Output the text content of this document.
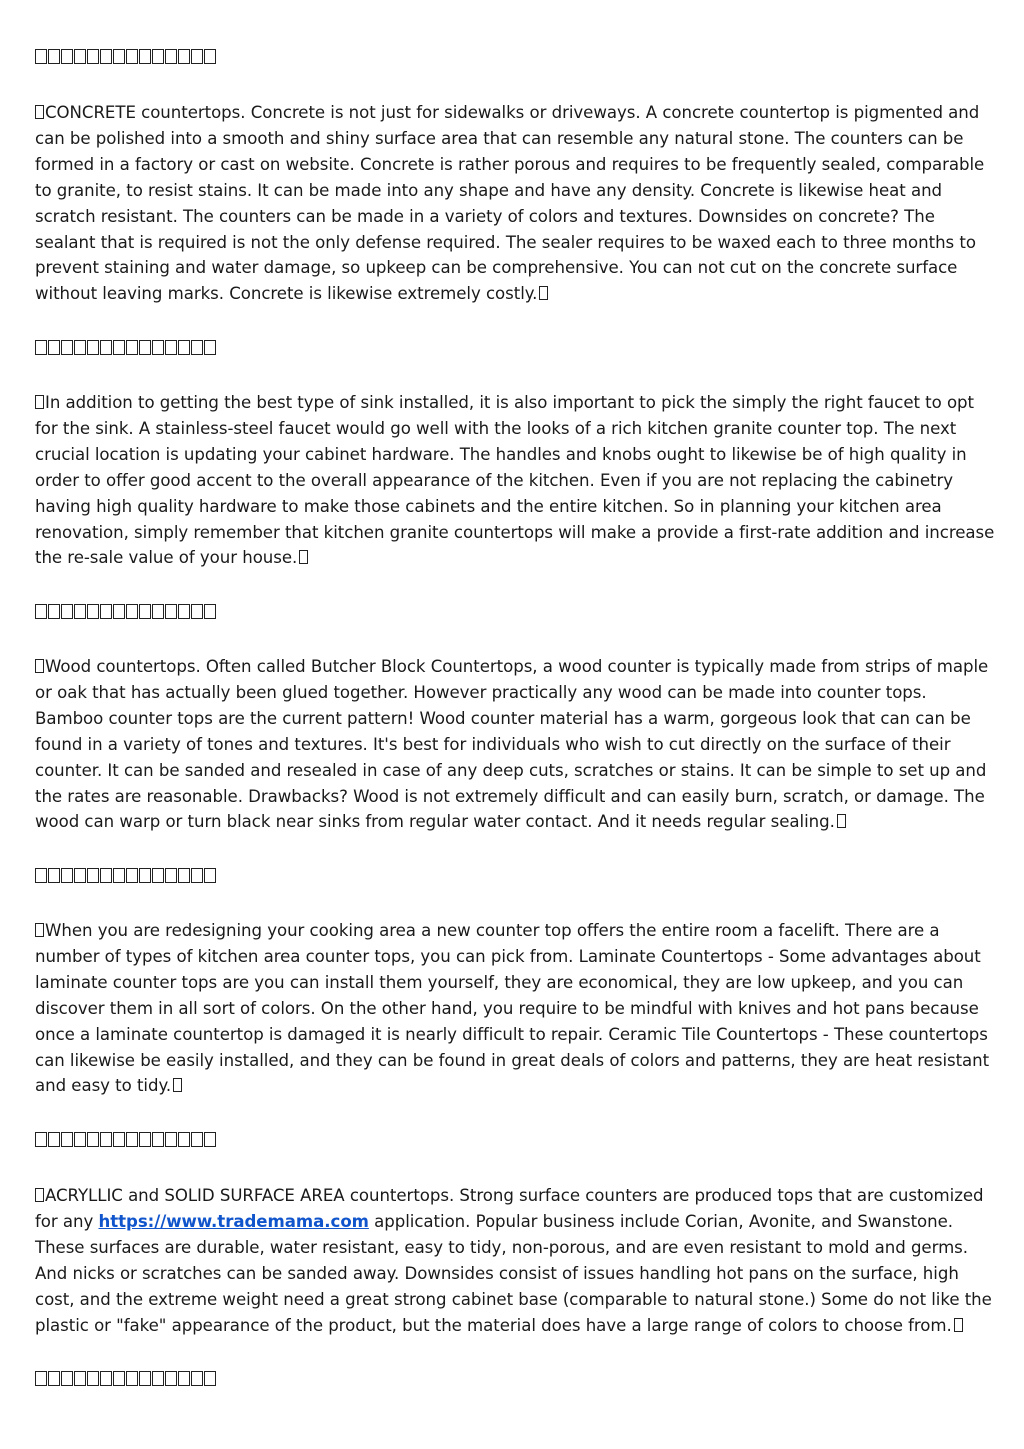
CONCRETE countertops. Concrete is not just for sidewalks or driveways. A concrete countertop is pigmented and can be polished into a smooth and shiny surface area that can resemble any natural stone. The counters can be formed in a factory or cast on website. Concrete is rather porous and requires to be frequently sealed, comparable to granite, to resist stains. It can be made into any shape and have any density. Concrete is likewise heat and scratch resistant. The counters can be made in a variety of colors and textures. Downsides on concrete? The sealant that is required is not the only defense required. The sealer requires to be waxed each to three months to prevent staining and water damage, so upkeep can be comprehensive. You can not cut on the concrete surface without leaving marks. Concrete is likewise extremely costly.

In addition to getting the best type of sink installed, it is also important to pick the simply the right faucet to opt for the sink. A stainless-steel faucet would go well with the looks of a rich kitchen granite counter top. The next crucial location is updating your cabinet hardware. The handles and knobs ought to likewise be of high quality in order to offer good accent to the overall appearance of the kitchen. Even if you are not replacing the cabinetry having high quality hardware to make those cabinets and the entire kitchen. So in planning your kitchen area renovation, simply remember that kitchen granite countertops will make a provide a first-rate addition and increase the re-sale value of your house.

Wood countertops. Often called Butcher Block Countertops, a wood counter is typically made from strips of maple or oak that has actually been glued together. However practically any wood can be made into counter tops. Bamboo counter tops are the current pattern! Wood counter material has a warm, gorgeous look that can can be found in a variety of tones and textures. It's best for individuals who wish to cut directly on the surface of their counter. It can be sanded and resealed in case of any deep cuts, scratches or stains. It can be simple to set up and the rates are reasonable. Drawbacks? Wood is not extremely difficult and can easily burn, scratch, or damage. The wood can warp or turn black near sinks from regular water contact. And it needs regular sealing.

When you are redesigning your cooking area a new counter top offers the entire room a facelift. There are a number of types of kitchen area counter tops, you can pick from. Laminate Countertops - Some advantages about laminate counter tops are you can install them yourself, they are economical, they are low upkeep, and you can discover them in all sort of colors. On the other hand, you require to be mindful with knives and hot pans because once a laminate countertop is damaged it is nearly difficult to repair. Ceramic Tile Countertops - These countertops can likewise be easily installed, and they can be found in great deals of colors and patterns, they are heat resistant and easy to tidy.

ACRYLLIC and SOLID SURFACE AREA countertops. Strong surface counters are produced tops that are customized for any https://www.trademama.com application. Popular business include Corian, Avonite, and Swanstone. These surfaces are durable, water resistant, easy to tidy, non-porous, and are even resistant to mold and germs. And nicks or scratches can be sanded away. Downsides consist of issues handling hot pans on the surface, high cost, and the extreme weight need a great strong cabinet base (comparable to natural stone.) Some do not like the plastic or "fake" appearance of the product, but the material does have a large range of colors to choose from.
